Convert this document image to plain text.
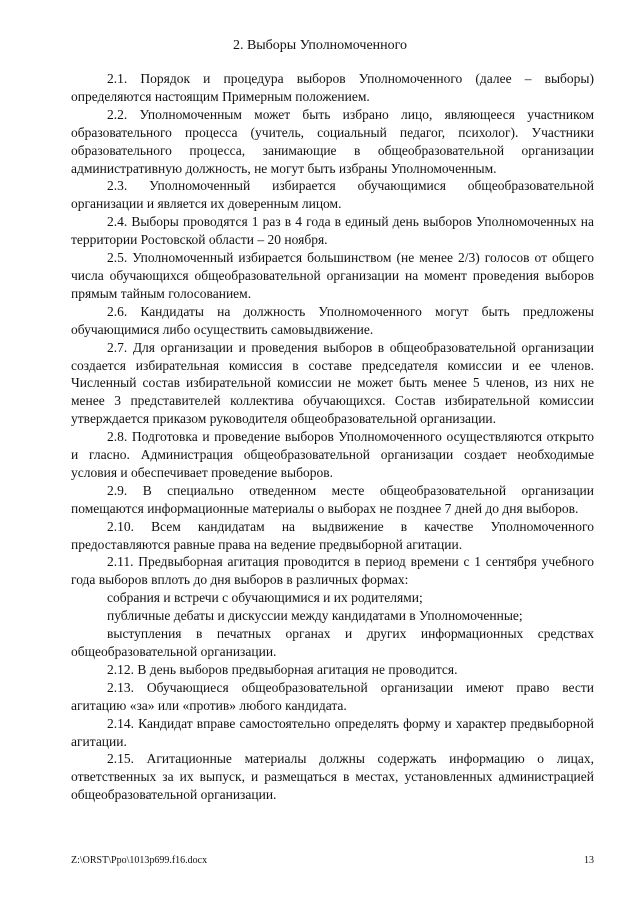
2. Выборы Уполномоченного

2.1. Порядок и процедура выборов Уполномоченного (далее – выборы) определяются настоящим Примерным положением.

2.2. Уполномоченным может быть избрано лицо, являющееся участником образовательного процесса (учитель, социальный педагог, психолог). Участники образовательного процесса, занимающие в общеобразовательной организации административную должность, не могут быть избраны Уполномоченным.

2.3. Уполномоченный избирается обучающимися общеобразовательной организации и является их доверенным лицом.

2.4. Выборы проводятся 1 раз в 4 года в единый день выборов Уполномоченных на территории Ростовской области – 20 ноября.

2.5. Уполномоченный избирается большинством (не менее 2/3) голосов от общего числа обучающихся общеобразовательной организации на момент проведения выборов прямым тайным голосованием.

2.6. Кандидаты на должность Уполномоченного могут быть предложены обучающимися либо осуществить самовыдвижение.

2.7. Для организации и проведения выборов в общеобразовательной организации создается избирательная комиссия в составе председателя комиссии и ее членов. Численный состав избирательной комиссии не может быть менее 5 членов, из них не менее 3 представителей коллектива обучающихся. Состав избирательной комиссии утверждается приказом руководителя общеобразовательной организации.

2.8. Подготовка и проведение выборов Уполномоченного осуществляются открыто и гласно. Администрация общеобразовательной организации создает необходимые условия и обеспечивает проведение выборов.

2.9. В специально отведенном месте общеобразовательной организации помещаются информационные материалы о выборах не позднее 7 дней до дня выборов.

2.10. Всем кандидатам на выдвижение в качестве Уполномоченного предоставляются равные права на ведение предвыборной агитации.

2.11. Предвыборная агитация проводится в период времени с 1 сентября учебного года выборов вплоть до дня выборов в различных формах:

собрания и встречи с обучающимися и их родителями;

публичные дебаты и дискуссии между кандидатами в Уполномоченные;

выступления в печатных органах и других информационных средствах общеобразовательной организации.

2.12. В день выборов предвыборная агитация не проводится.

2.13. Обучающиеся общеобразовательной организации имеют право вести агитацию «за» или «против» любого кандидата.

2.14. Кандидат вправе самостоятельно определять форму и характер предвыборной агитации.

2.15. Агитационные материалы должны содержать информацию о лицах, ответственных за их выпуск, и размещаться в местах, установленных администрацией общеобразовательной организации.

Z:\ORST\Ppo\1013p699.f16.docx	13
